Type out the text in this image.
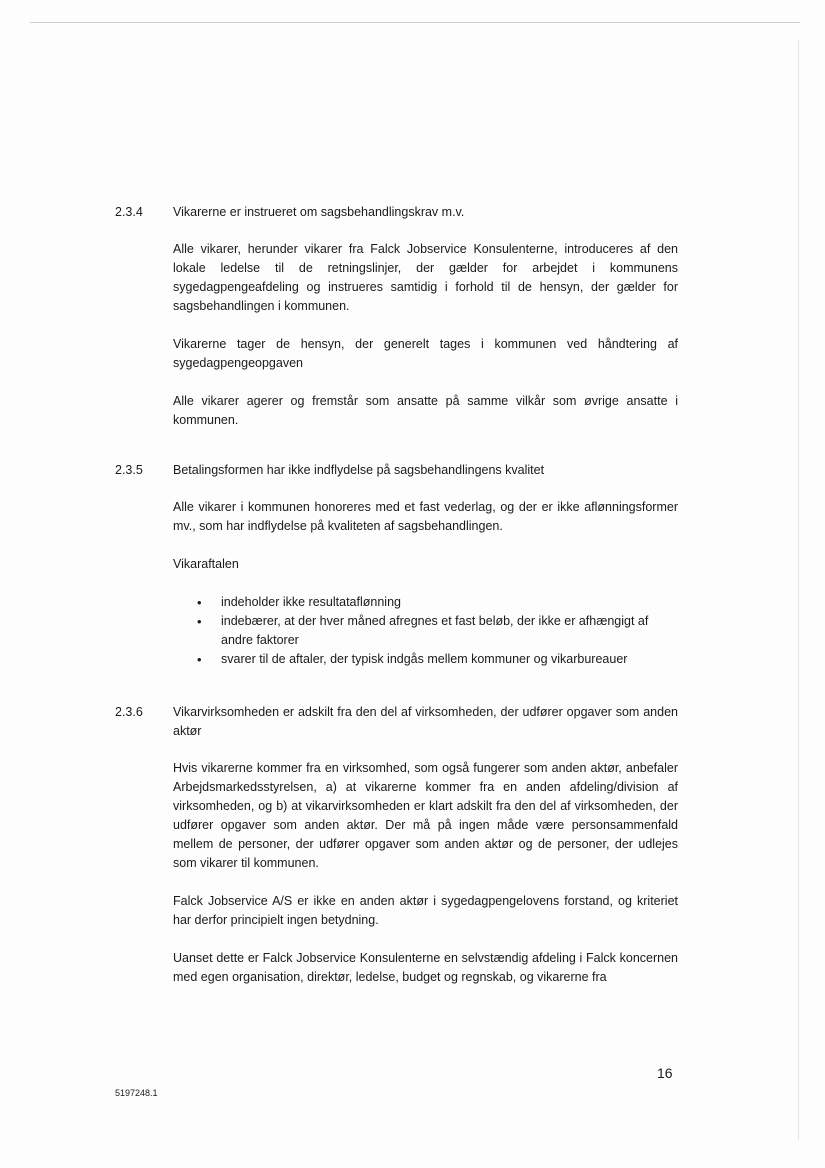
2.3.4	Vikarerne er instrueret om sagsbehandlingskrav m.v.

Alle vikarer, herunder vikarer fra Falck Jobservice Konsulenterne, introduceres af den lokale ledelse til de retningslinjer, der gælder for arbejdet i kommunens sygedagpengeafdeling og instrueres samtidig i forhold til de hensyn, der gælder for sagsbehandlingen i kommunen.

Vikarerne tager de hensyn, der generelt tages i kommunen ved håndtering af sygedagpengeopgaven

Alle vikarer agerer og fremstår som ansatte på samme vilkår som øvrige ansatte i kommunen.

2.3.5	Betalingsformen har ikke indflydelse på sagsbehandlingens kvalitet

Alle vikarer i kommunen honoreres med et fast vederlag, og der er ikke aflønningsformer mv., som har indflydelse på kvaliteten af sagsbehandlingen.

Vikaraftalen

• indeholder ikke resultataflønning
• indebærer, at der hver måned afregnes et fast beløb, der ikke er afhængigt af andre faktorer
• svarer til de aftaler, der typisk indgås mellem kommuner og vikarbureauer
2.3.6	Vikarvirksomheden er adskilt fra den del af virksomheden, der udfører opgaver som anden aktør

Hvis vikarerne kommer fra en virksomhed, som også fungerer som anden aktør, anbefaler Arbejdsmarkedsstyrelsen, a) at vikarerne kommer fra en anden afdeling/division af virksomheden, og b) at vikarvirksomheden er klart adskilt fra den del af virksomheden, der udfører opgaver som anden aktør. Der må på ingen måde være personsammenfald mellem de personer, der udfører opgaver som anden aktør og de personer, der udlejes som vikarer til kommunen.

Falck Jobservice A/S er ikke en anden aktør i sygedagpengelovens forstand, og kriteriet har derfor principielt ingen betydning.

Uanset dette er Falck Jobservice Konsulenterne en selvstændig afdeling i Falck koncernen med egen organisation, direktør, ledelse, budget og regnskab, og vikarerne fra

16
5197248.1
